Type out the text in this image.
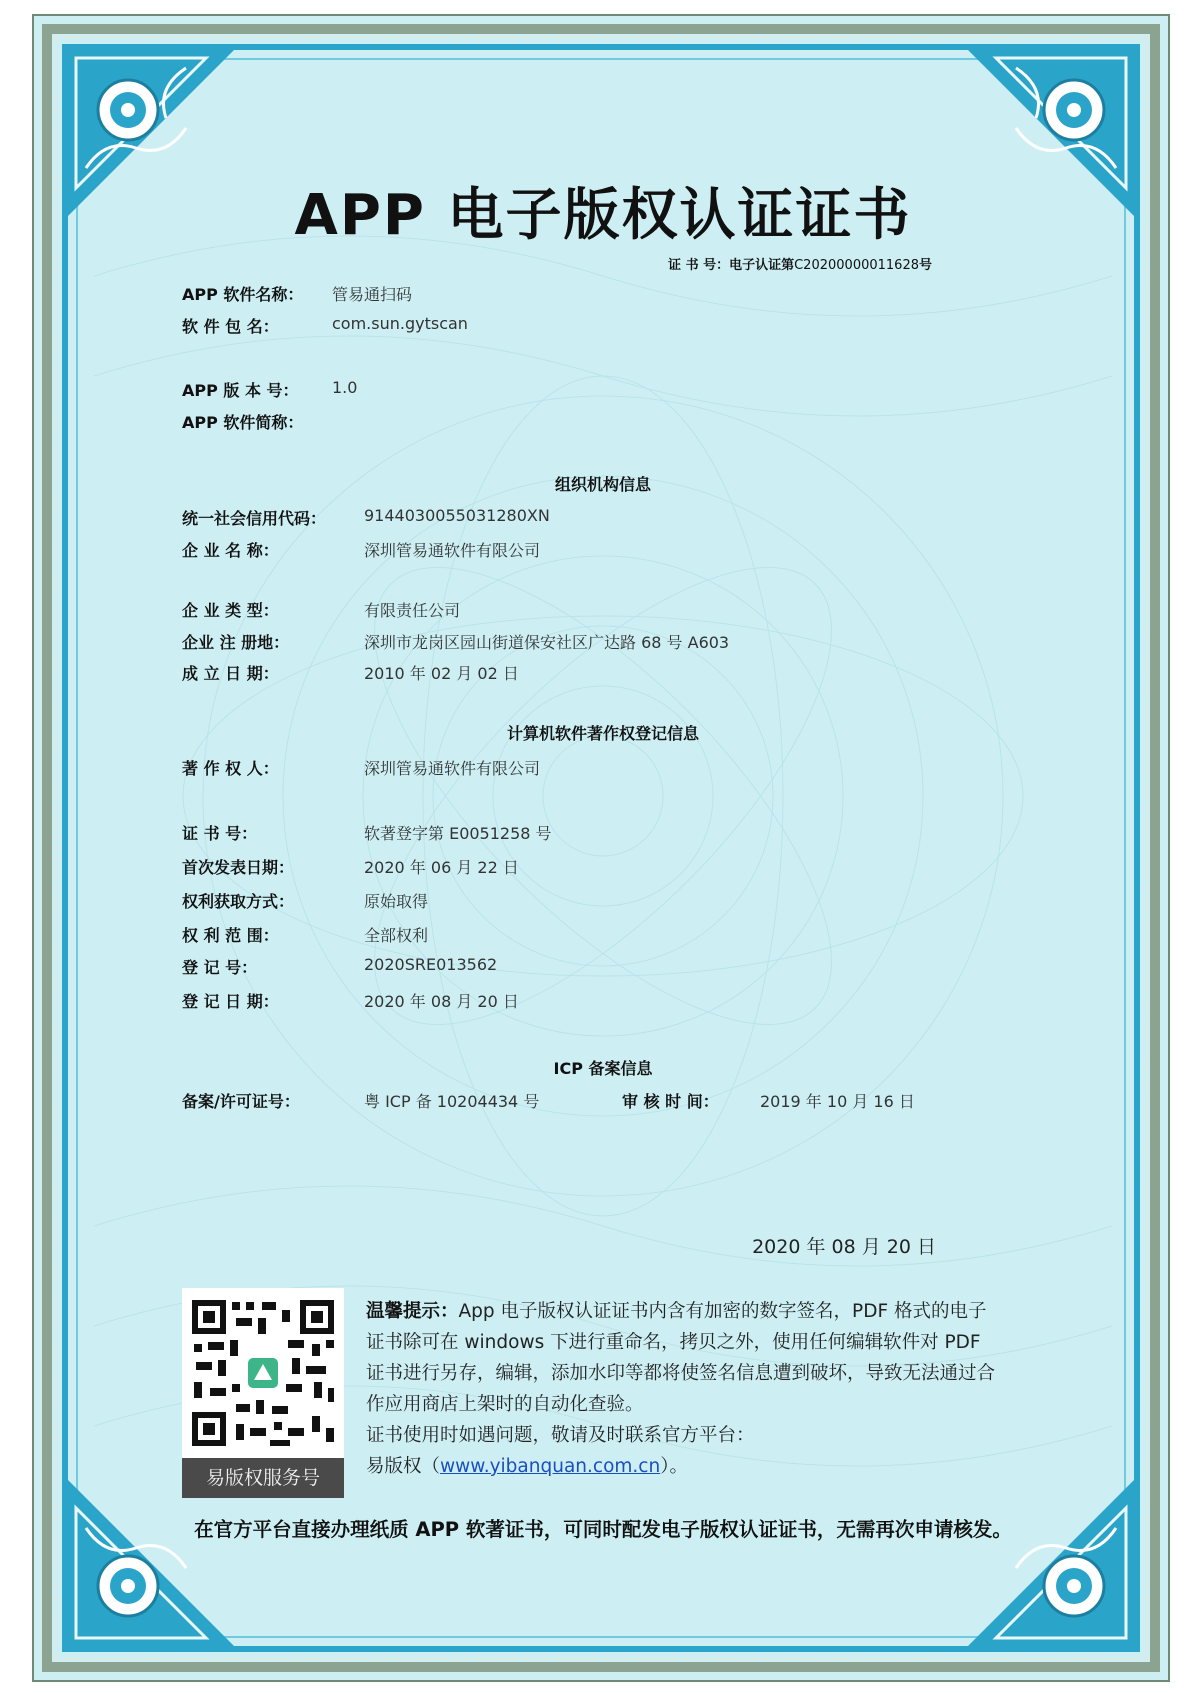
APP 电子版权认证证书
证 书 号：电子认证第C20200000011628号
APP 软件名称： 管易通扫码
软 件 包 名：	com.sun.gytscan
APP 版 本 号： 1.0
APP 软件简称：
组织机构信息
统一社会信用代码： 9144030055031280XN
企 业 名 称：	深圳管易通软件有限公司
企 业 类 型：	有限责任公司
企业 注 册地：	深圳市龙岗区园山街道保安社区广达路 68 号 A603
成 立 日 期：	2010 年 02 月 02 日
计算机软件著作权登记信息
著 作 权 人：	深圳管易通软件有限公司
证 书 号：	软著登字第 E0051258 号
首次发表日期：	2020 年 06 月 22 日
权利获取方式：	原始取得
权 利 范 围：	全部权利
登 记 号：	2020SRE013562
登 记 日 期：	2020 年 08 月 20 日
ICP 备案信息
备案/许可证号：	粤 ICP 备 10204434 号	审 核 时 间：	2019 年 10 月 16 日
2020 年 08 月 20 日
易版权服务号
温馨提示：App 电子版权认证证书内含有加密的数字签名，PDF 格式的电子证书除可在 windows 下进行重命名，拷贝之外，使用任何编辑软件对 PDF 证书进行另存，编辑，添加水印等都将使签名信息遭到破坏，导致无法通过合作应用商店上架时的自动化查验。
证书使用时如遇问题，敬请及时联系官方平台：
易版权（www.yibanquan.com.cn）。
在官方平台直接办理纸质 APP 软著证书，可同时配发电子版权认证证书，无需再次申请核发。
